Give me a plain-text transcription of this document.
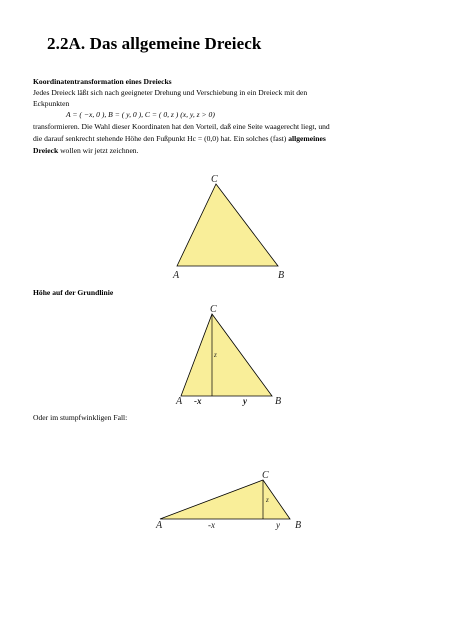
2.2A. Das allgemeine Dreieck

Koordinatentransformation eines Dreiecks

Jedes Dreieck läßt sich nach geeigneter Drehung und Verschiebung in ein Dreieck mit den

Eckpunkten

A = ( −x, 0 ), B = ( y, 0 ), C = ( 0, z ) (x, y, z > 0)

transformieren. Die Wahl dieser Koordinaten hat den Vorteil, daß eine Seite waagerecht liegt, und

die darauf senkrecht stehende Höhe den Fußpunkt Hc = (0,0) hat. Ein solches (fast) allgemeines

Dreieck wollen wir jetzt zeichnen.

C
A	B

Höhe auf der Grundlinie

C
z
A -x	y	B

Oder im stumpfwinkligen Fall:

C
z
A	-x	y B
